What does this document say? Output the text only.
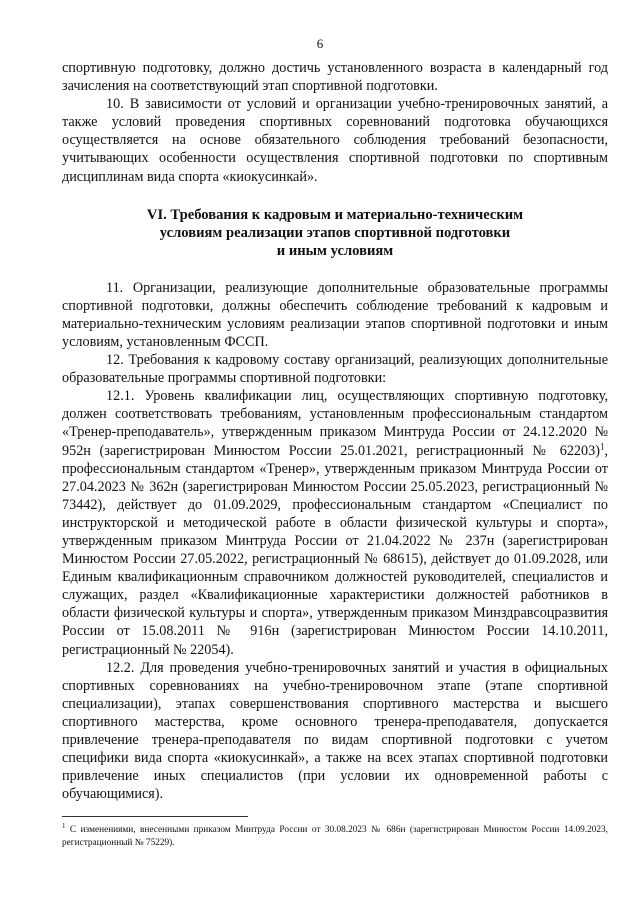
6

спортивную подготовку, должно достичь установленного возраста в календарный год зачисления на соответствующий этап спортивной подготовки.

10. В зависимости от условий и организации учебно-тренировочных занятий, а также условий проведения спортивных соревнований подготовка обучающихся осуществляется на основе обязательного соблюдения требований безопасности, учитывающих особенности осуществления спортивной подготовки по спортивным дисциплинам вида спорта «киокусинкай».

VI. Требования к кадровым и материально-техническим
условиям реализации этапов спортивной подготовки
и иным условиям

11. Организации, реализующие дополнительные образовательные программы спортивной подготовки, должны обеспечить соблюдение требований к кадровым и материально-техническим условиям реализации этапов спортивной подготовки и иным условиям, установленным ФССП.

12. Требования к кадровому составу организаций, реализующих дополнительные образовательные программы спортивной подготовки:

12.1. Уровень квалификации лиц, осуществляющих спортивную подготовку, должен соответствовать требованиям, установленным профессиональным стандартом «Тренер-преподаватель», утвержденным приказом Минтруда России от 24.12.2020 № 952н (зарегистрирован Минюстом России 25.01.2021, регистрационный № 62203)$^1$, профессиональным стандартом «Тренер», утвержденным приказом Минтруда России от 27.04.2023 № 362н (зарегистрирован Минюстом России 25.05.2023, регистрационный № 73442), действует до 01.09.2029, профессиональным стандартом «Специалист по инструкторской и методической работе в области физической культуры и спорта», утвержденным приказом Минтруда России от 21.04.2022 № 237н (зарегистрирован Минюстом России 27.05.2022, регистрационный № 68615), действует до 01.09.2028, или Единым квалификационным справочником должностей руководителей, специалистов и служащих, раздел «Квалификационные характеристики должностей работников в области физической культуры и спорта», утвержденным приказом Минздравсоцразвития России от 15.08.2011 № 916н (зарегистрирован Минюстом России 14.10.2011, регистрационный № 22054).

12.2. Для проведения учебно-тренировочных занятий и участия в официальных спортивных соревнованиях на учебно-тренировочном этапе (этапе спортивной специализации), этапах совершенствования спортивного мастерства и высшего спортивного мастерства, кроме основного тренера-преподавателя, допускается привлечение тренера-преподавателя по видам спортивной подготовки с учетом специфики вида спорта «киокусинкай», а также на всех этапах спортивной подготовки привлечение иных специалистов (при условии их одновременной работы с обучающимися).

$^1$ С изменениями, внесенными приказом Минтруда России от 30.08.2023 № 686н (зарегистрирован Минюстом России 14.09.2023, регистрационный № 75229).
